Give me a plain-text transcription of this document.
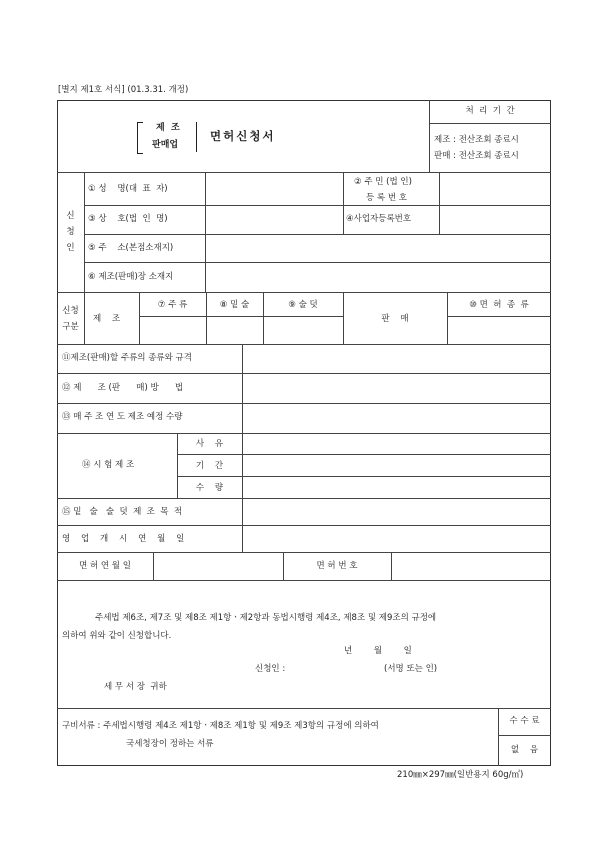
[별지 제1호 서식] (01.3.31. 개정)
제  조
판매업
면허신청서
처  리  기  간
제조 : 전산조회 종료시
판매 : 전산조회 종료시
신
청
인
① 성    명(대  표  자)
② 주 민 (법 인)
등 록 번 호
③ 상    호(법  인  명)	④사업자등록번호
⑤ 주    소(본점소재지)
⑥ 제조(판매)장 소재지
신청
구분
제    조
⑦ 주 류	⑧ 밑 술	⑨ 술 덧
판    매
⑩ 면  허  종  류
⑪제조(판매)할 주류의 종류와 규격
⑫ 제      조 (판      매) 방      법
⑬ 매 주 조 연 도 제조 예정 수량
⑭ 시 험 제 조
사    유
기    간
수    량
⑮ 밑   술   술  덧  제  조  목  적
영    업    개    시    연    월    일
면 허 연 월 일	면 허 번 호
주세법 제6조, 제7조 및 제8조 제1항ㆍ제2항과 동법시행령 제4조, 제8조 및 제9조의 규정에
의하여 위와 같이 신청합니다.
년        월        일
신청인 :	(서명 또는 인)
세 무 서 장  귀하
구비서류 : 주세법시행령 제4조 제1항ㆍ제8조 제1항 및 제9조 제3항의 규정에 의하여
국세청장이 정하는 서류
수 수 료
없    음
210㎜×297㎜(일반용지 60g/㎡)
